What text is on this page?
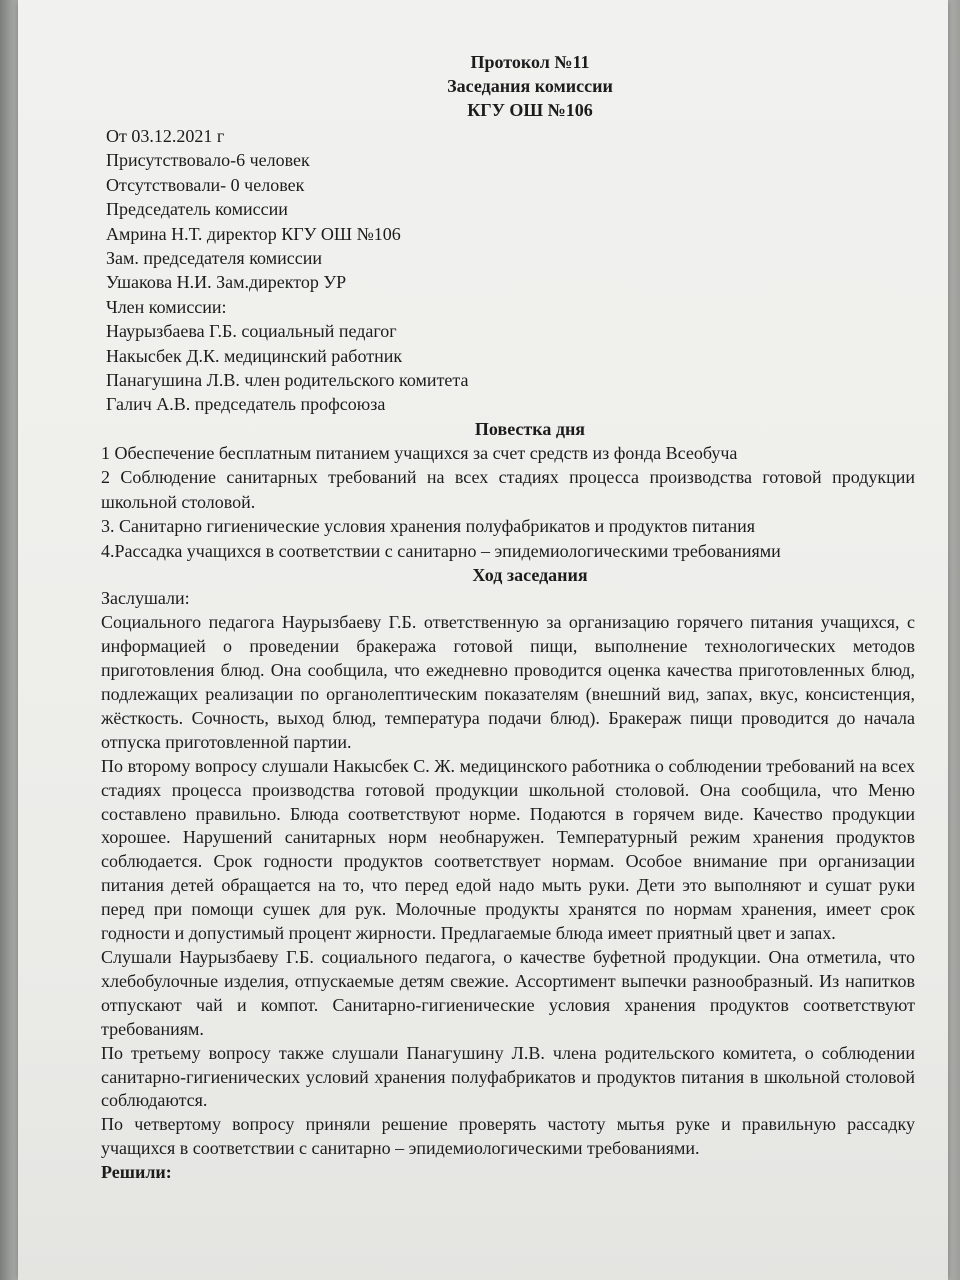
Протокол №11
Заседания комиссии
КГУ ОШ №106
От 03.12.2021 г
Присутствовало-6 человек
Отсутствовали- 0 человек
Председатель комиссии
Амрина Н.Т. директор КГУ ОШ №106
Зам. председателя комиссии
Ушакова Н.И. Зам.директор УР
Член комиссии:
Наурызбаева Г.Б. социальный педагог
Накысбек Д.К. медицинский работник
Панагушина Л.В. член родительского комитета
Галич А.В. председатель профсоюза
Повестка дня

1 Обеспечение бесплатным питанием учащихся за счет средств из фонда Всеобуча

2 Соблюдение санитарных требований на всех стадиях процесса производства готовой продукции школьной столовой.

3. Санитарно гигиенические условия хранения полуфабрикатов и продуктов питания

4.Рассадка учащихся в соответствии с санитарно – эпидемиологическими требованиями

Ход заседания

Заслушали:

Социального педагога Наурызбаеву Г.Б. ответственную за организацию горячего питания учащихся, с информацией о проведении бракеража готовой пищи, выполнение технологических методов приготовления блюд. Она сообщила, что ежедневно проводится оценка качества приготовленных блюд, подлежащих реализации по органолептическим показателям (внешний вид, запах, вкус, консистенция, жёсткость. Сочность, выход блюд, температура подачи блюд). Бракераж пищи проводится до начала отпуска приготовленной партии.

По второму вопросу слушали Накысбек С. Ж. медицинского работника о соблюдении требований на всех стадиях процесса производства готовой продукции школьной столовой. Она сообщила, что Меню составлено правильно. Блюда соответствуют норме. Подаются в горячем виде. Качество продукции хорошее. Нарушений санитарных норм необнаружен. Температурный режим хранения продуктов соблюдается. Срок годности продуктов соответствует нормам. Особое внимание при организации питания детей обращается на то, что перед едой надо мыть руки. Дети это выполняют и сушат руки перед при помощи сушек для рук. Молочные продукты хранятся по нормам хранения, имеет срок годности и допустимый процент жирности. Предлагаемые блюда имеет приятный цвет и запах.

Слушали Наурызбаеву Г.Б. социального педагога, о качестве буфетной продукции. Она отметила, что хлебобулочные изделия, отпускаемые детям свежие. Ассортимент выпечки разнообразный. Из напитков отпускают чай и компот. Санитарно-гигиенические условия хранения продуктов соответствуют требованиям.

По третьему вопросу также слушали Панагушину Л.В. члена родительского комитета, о соблюдении санитарно-гигиенических условий хранения полуфабрикатов и продуктов питания в школьной столовой соблюдаются.

По четвертому вопросу приняли решение проверять частоту мытья руке и правильную рассадку учащихся в соответствии с санитарно – эпидемиологическими требованиями.

Решили:
